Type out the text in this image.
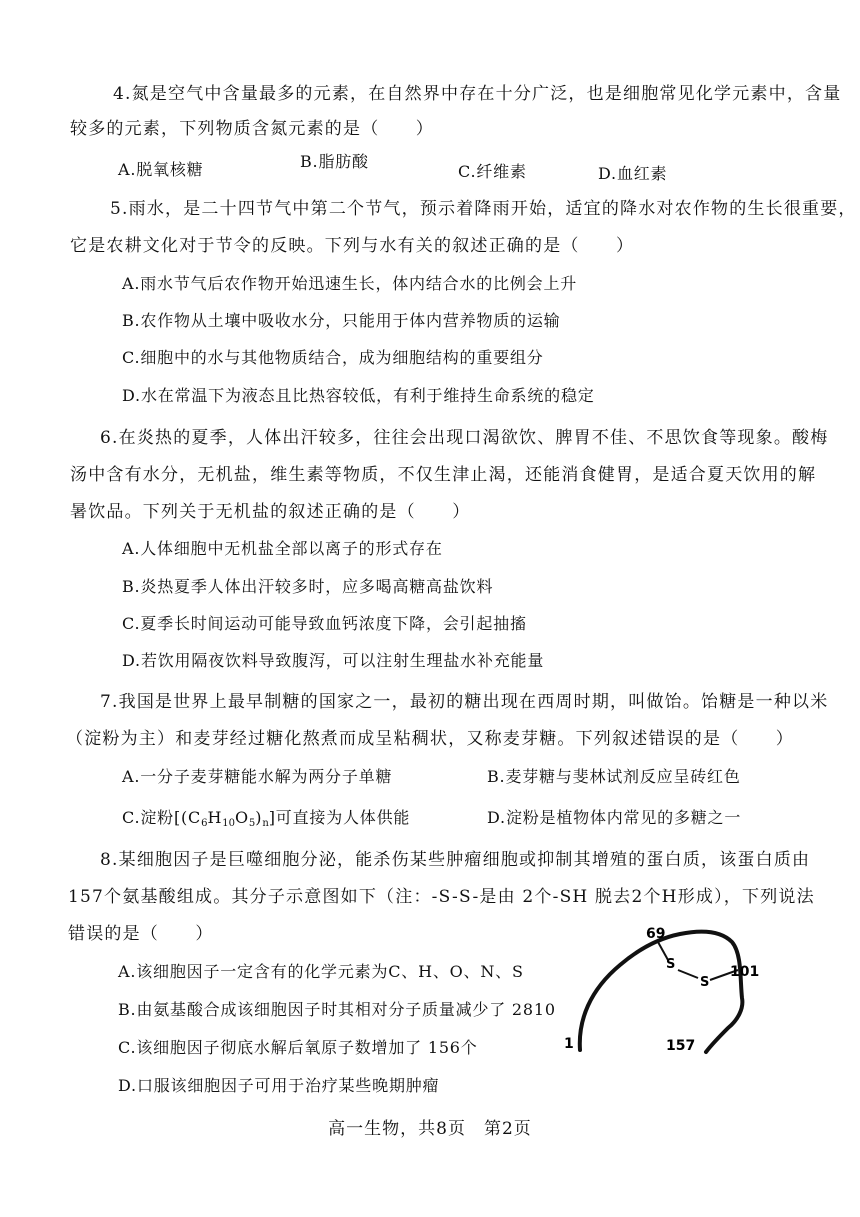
4.氮是空气中含量最多的元素，在自然界中存在十分广泛，也是细胞常见化学元素中，含量
较多的元素，下列物质含氮元素的是（　　）
A.脱氧核糖	B.脂肪酸
C.纤维素	D.血红素
5.雨水，是二十四节气中第二个节气，预示着降雨开始，适宜的降水对农作物的生长很重要，
它是农耕文化对于节令的反映。下列与水有关的叙述正确的是（　　）
A.雨水节气后农作物开始迅速生长，体内结合水的比例会上升
B.农作物从土壤中吸收水分，只能用于体内营养物质的运输
C.细胞中的水与其他物质结合，成为细胞结构的重要组分
D.水在常温下为液态且比热容较低，有利于维持生命系统的稳定
6.在炎热的夏季，人体出汗较多，往往会出现口渴欲饮、脾胃不佳、不思饮食等现象。酸梅
汤中含有水分，无机盐，维生素等物质，不仅生津止渴，还能消食健胃，是适合夏天饮用的解
暑饮品。下列关于无机盐的叙述正确的是（　　）
A.人体细胞中无机盐全部以离子的形式存在
B.炎热夏季人体出汗较多时，应多喝高糖高盐饮料
C.夏季长时间运动可能导致血钙浓度下降，会引起抽搐
D.若饮用隔夜饮料导致腹泻，可以注射生理盐水补充能量
7.我国是世界上最早制糖的国家之一，最初的糖出现在西周时期，叫做饴。饴糖是一种以米
（淀粉为主）和麦芽经过糖化熬煮而成呈粘稠状，又称麦芽糖。下列叙述错误的是（　　）
A.一分子麦芽糖能水解为两分子单糖	B.麦芽糖与斐林试剂反应呈砖红色
C.淀粉$[(C_6H_{10}O_5)_n]$可直接为人体供能	D.淀粉是植物体内常见的多糖之一
8.某细胞因子是巨噬细胞分泌，能杀伤某些肿瘤细胞或抑制其增殖的蛋白质，该蛋白质由
157个氨基酸组成。其分子示意图如下（注：-S-S-是由 2个-SH 脱去2个H形成），下列说法
错误的是（　　）
A.该细胞因子一定含有的化学元素为C、H、O、N、S
B.由氨基酸合成该细胞因子时其相对分子质量减少了 2810
C.该细胞因子彻底水解后氧原子数增加了 156个
D.口服该细胞因子可用于治疗某些晚期肿瘤
69
S
S
101
1	157
高一生物，共8页　第2页
